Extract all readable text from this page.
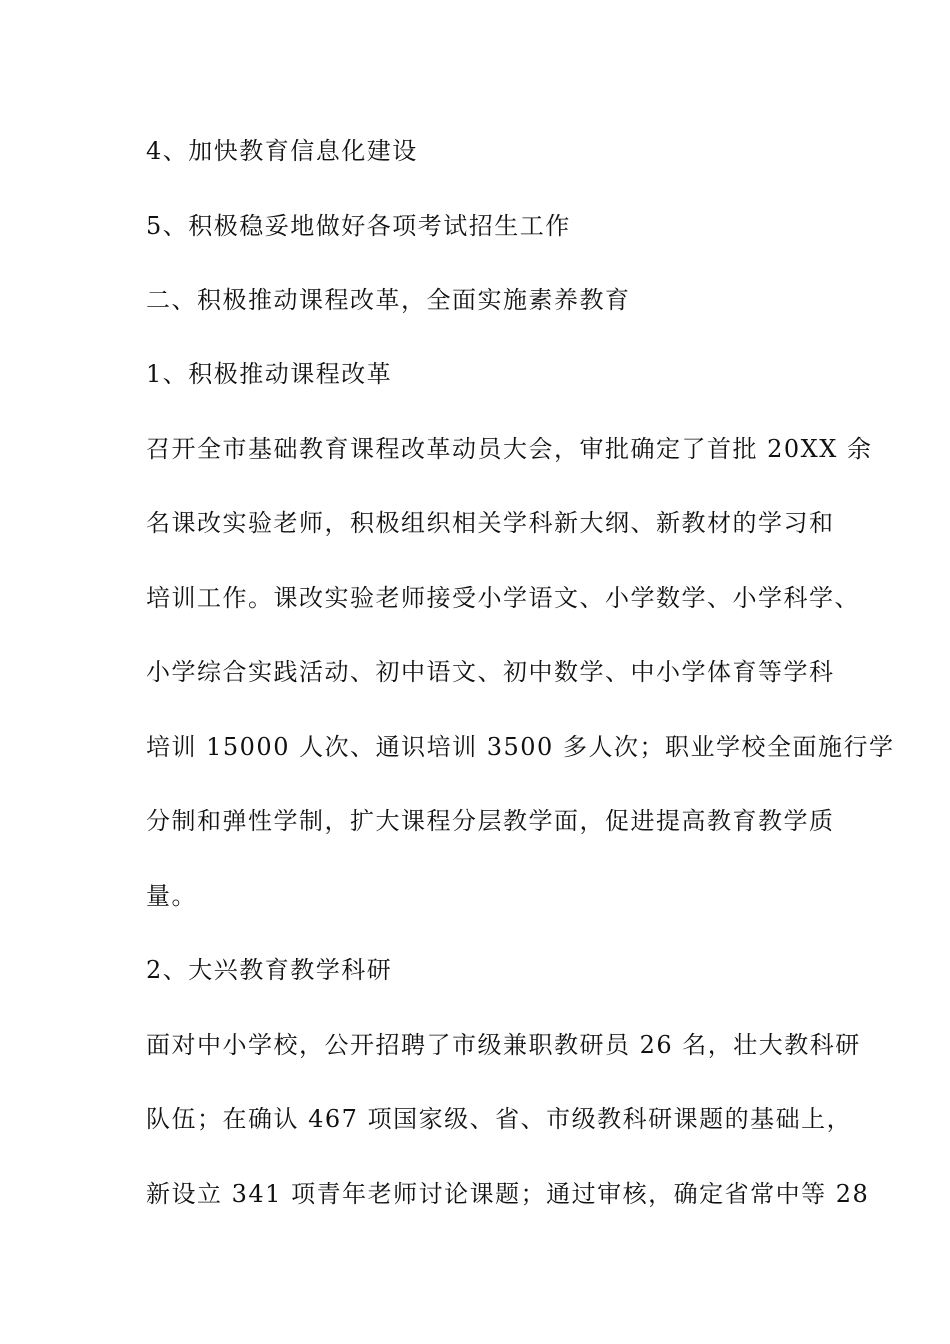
4、加快教育信息化建设
5、积极稳妥地做好各项考试招生工作
二、积极推动课程改革，全面实施素养教育
1、积极推动课程改革
召开全市基础教育课程改革动员大会，审批确定了首批 20XX 余
名课改实验老师，积极组织相关学科新大纲、新教材的学习和
培训工作。课改实验老师接受小学语文、小学数学、小学科学、
小学综合实践活动、初中语文、初中数学、中小学体育等学科
培训 15000 人次、通识培训 3500 多人次；职业学校全面施行学
分制和弹性学制，扩大课程分层教学面，促进提高教育教学质
量。
2、大兴教育教学科研
面对中小学校，公开招聘了市级兼职教研员 26 名，壮大教科研
队伍；在确认 467 项国家级、省、市级教科研课题的基础上，
新设立 341 项青年老师讨论课题；通过审核，确定省常中等 28
